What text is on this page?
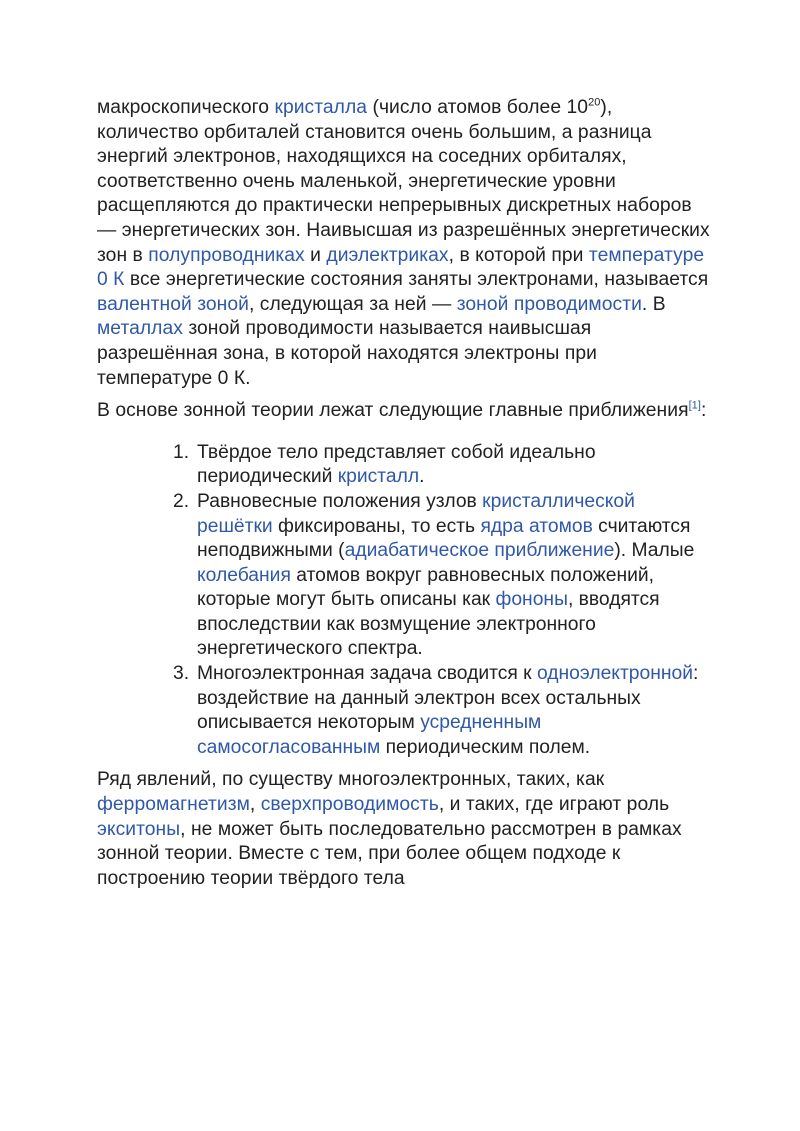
макроскопического кристалла (число атомов более $10^{20}$), количество орбиталей становится очень большим, а разница энергий электронов, находящихся на соседних орбиталях, соответственно очень маленькой, энергетические уровни расщепляются до практически непрерывных дискретных наборов — энергетических зон. Наивысшая из разрешённых энергетических зон в полупроводниках и диэлектриках, в которой при температуре 0 К все энергетические состояния заняты электронами, называется валентной зоной, следующая за ней — зоной проводимости. В металлах зоной проводимости называется наивысшая разрешённая зона, в которой находятся электроны при температуре 0 К.

В основе зонной теории лежат следующие главные приближения[1]:

Твёрдое тело представляет собой идеально периодический кристалл.
Равновесные положения узлов кристаллической решётки фиксированы, то есть ядра атомов считаются неподвижными (адиабатическое приближение). Малые колебания атомов вокруг равновесных положений, которые могут быть описаны как фононы, вводятся впоследствии как возмущение электронного энергетического спектра.
Многоэлектронная задача сводится к одноэлектронной: воздействие на данный электрон всех остальных описывается некоторым усредненным самосогласованным периодическим полем.

Ряд явлений, по существу многоэлектронных, таких, как ферромагнетизм, сверхпроводимость, и таких, где играют роль экситоны, не может быть последовательно рассмотрен в рамках зонной теории. Вместе с тем, при более общем подходе к построению теории твёрдого тела
